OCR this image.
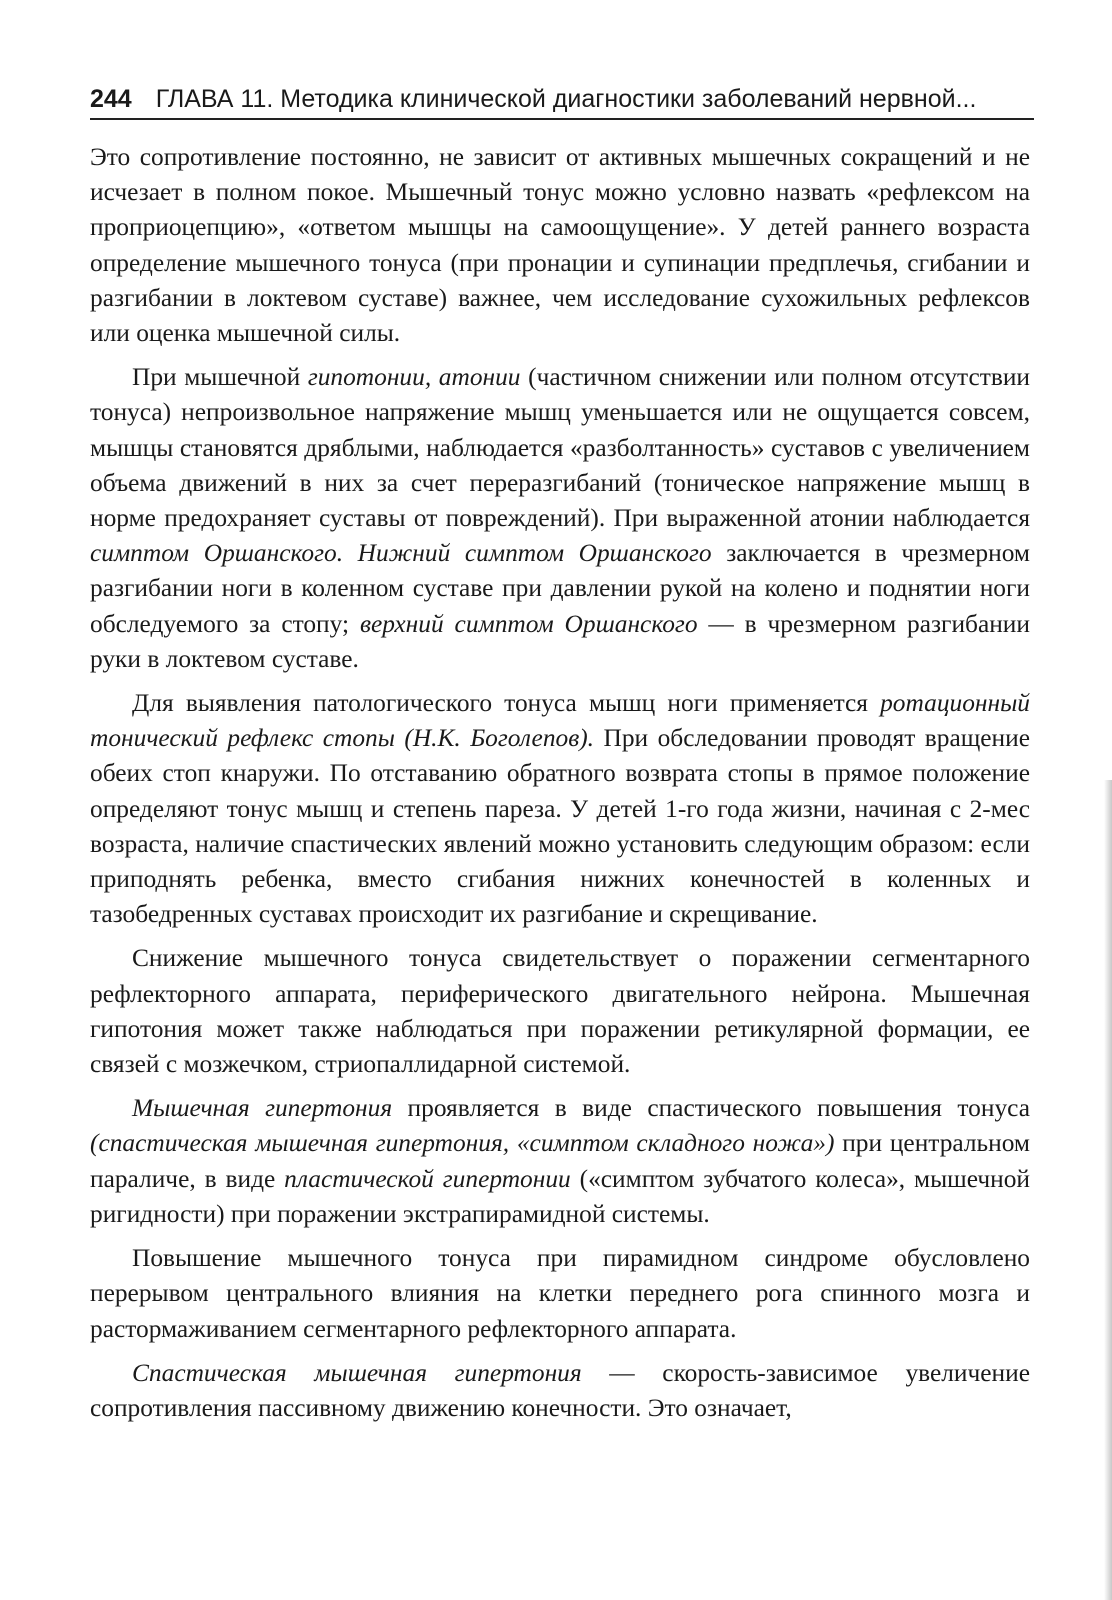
244 ГЛАВА 11. Методика клинической диагностики заболеваний нервной...

Это сопротивление постоянно, не зависит от активных мышечных сокращений и не исчезает в полном покое. Мышечный тонус можно условно назвать «рефлексом на проприоцепцию», «ответом мышцы на самоощущение». У детей раннего возраста определение мышечного тонуса (при пронации и супинации предплечья, сгибании и разгибании в локтевом суставе) важнее, чем исследование сухожильных рефлексов или оценка мышечной силы.

При мышечной гипотонии, атонии (частичном снижении или полном отсутствии тонуса) непроизвольное напряжение мышц уменьшается или не ощущается совсем, мышцы становятся дряблыми, наблюдается «разболтанность» суставов с увеличением объема движений в них за счет переразгибаний (тоническое напряжение мышц в норме предохраняет суставы от повреждений). При выраженной атонии наблюдается симптом Оршанского. Нижний симптом Оршанского заключается в чрезмерном разгибании ноги в коленном суставе при давлении рукой на колено и поднятии ноги обследуемого за стопу; верхний симптом Оршанского — в чрезмерном разгибании руки в локтевом суставе.

Для выявления патологического тонуса мышц ноги применяется ротационный тонический рефлекс стопы (Н.К. Боголепов). При обследовании проводят вращение обеих стоп кнаружи. По отставанию обратного возврата стопы в прямое положение определяют тонус мышц и степень пареза. У детей 1-го года жизни, начиная с 2-мес возраста, наличие спастических явлений можно установить следующим образом: если приподнять ребенка, вместо сгибания нижних конечностей в коленных и тазобедренных суставах происходит их разгибание и скрещивание.

Снижение мышечного тонуса свидетельствует о поражении сегментарного рефлекторного аппарата, периферического двигательного нейрона. Мышечная гипотония может также наблюдаться при поражении ретикулярной формации, ее связей с мозжечком, стриопаллидарной системой.

Мышечная гипертония проявляется в виде спастического повышения тонуса (спастическая мышечная гипертония, «симптом складного ножа») при центральном параличе, в виде пластической гипертонии («симптом зубчатого колеса», мышечной ригидности) при поражении экстрапирамидной системы.

Повышение мышечного тонуса при пирамидном синдроме обусловлено перерывом центрального влияния на клетки переднего рога спинного мозга и растормаживанием сегментарного рефлекторного аппарата.

Спастическая мышечная гипертония — скорость-зависимое увеличение сопротивления пассивному движению конечности. Это означает,
